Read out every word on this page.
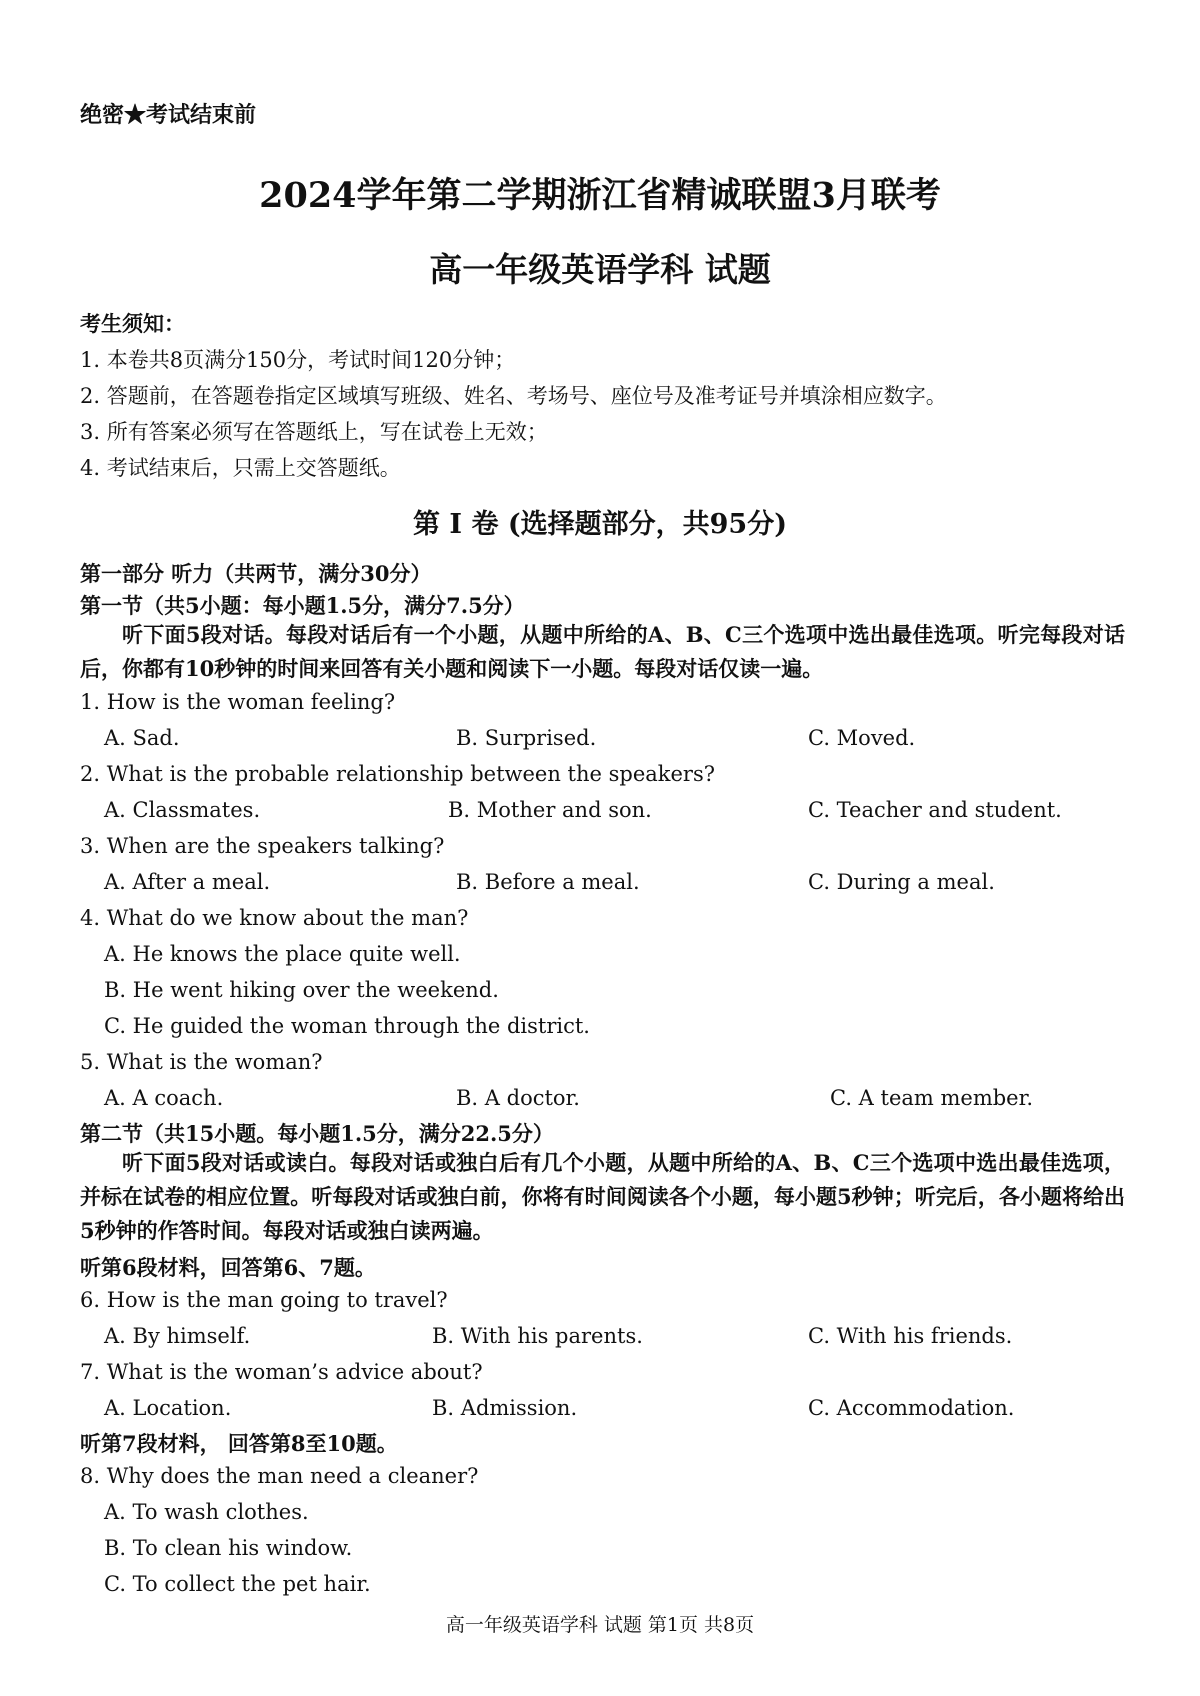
绝密★考试结束前
2024学年第二学期浙江省精诚联盟3月联考
高一年级英语学科 试题
考生须知：
1. 本卷共8页满分150分，考试时间120分钟；
2. 答题前，在答题卷指定区域填写班级、姓名、考场号、座位号及准考证号并填涂相应数字。
3. 所有答案必须写在答题纸上，写在试卷上无效；
4. 考试结束后，只需上交答题纸。
第 I 卷 (选择题部分，共95分)
第一部分 听力（共两节，满分30分）
第一节（共5小题：每小题1.5分，满分7.5分）
听下面5段对话。每段对话后有一个小题，从题中所给的A、B、C三个选项中选出最佳选项。听完每段对话后，你都有10秒钟的时间来回答有关小题和阅读下一小题。每段对话仅读一遍。
1. How is the woman feeling?
A. Sad.	B. Surprised.	C. Moved.
2. What is the probable relationship between the speakers?
A. Classmates.	B. Mother and son.	C. Teacher and student.
3. When are the speakers talking?
A. After a meal.	B. Before a meal.	C. During a meal.
4. What do we know about the man?
A. He knows the place quite well.
B. He went hiking over the weekend.
C. He guided the woman through the district.
5. What is the woman?
A. A coach.	B. A doctor.	C. A team member.
第二节（共15小题。每小题1.5分，满分22.5分）
听下面5段对话或读白。每段对话或独白后有几个小题，从题中所给的A、B、C三个选项中选出最佳选项，并标在试卷的相应位置。听每段对话或独白前，你将有时间阅读各个小题，每小题5秒钟；听完后，各小题将给出5秒钟的作答时间。每段对话或独白读两遍。
听第6段材料，回答第6、7题。
6. How is the man going to travel?
A. By himself.	B. With his parents.	C. With his friends.
7. What is the woman’s advice about?
A. Location.	B. Admission.	C. Accommodation.
听第7段材料， 回答第8至10题。
8. Why does the man need a cleaner?
A. To wash clothes.
B. To clean his window.
C. To collect the pet hair.
高一年级英语学科 试题 第1页 共8页
